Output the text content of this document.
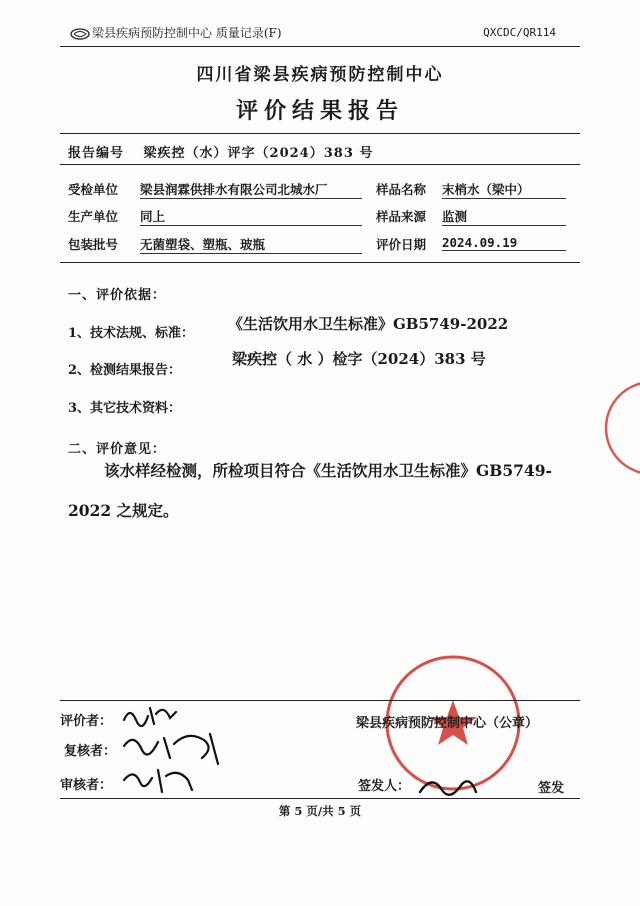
梁县疾病预防控制中心 质量记录(F)	QXCDC/QR114
四川省梁县疾病预防控制中心
评价结果报告
报告编号 梁疾控（水）评字（2024）383 号
受检单位 梁县润霖供排水有限公司北城水厂	样品名称 末梢水（梁中）
生产单位 同上	样品来源 监测
包装批号 无菌塑袋、塑瓶、玻瓶	评价日期 2024.09.19
一、评价依据：
1、技术法规、标准：
《生活饮用水卫生标准》GB5749-2022
2、检测结果报告：
梁疾控（ 水 ）检字（2024）383 号
3、其它技术资料：
二、评价意见：
该水样经检测，所检项目符合《生活饮用水卫生标准》GB5749-
2022 之规定。
评价者：
复核者：
审核者：
梁县疾病预防控制中心（公章）
签发人：	签发
第 5 页/共 5 页
